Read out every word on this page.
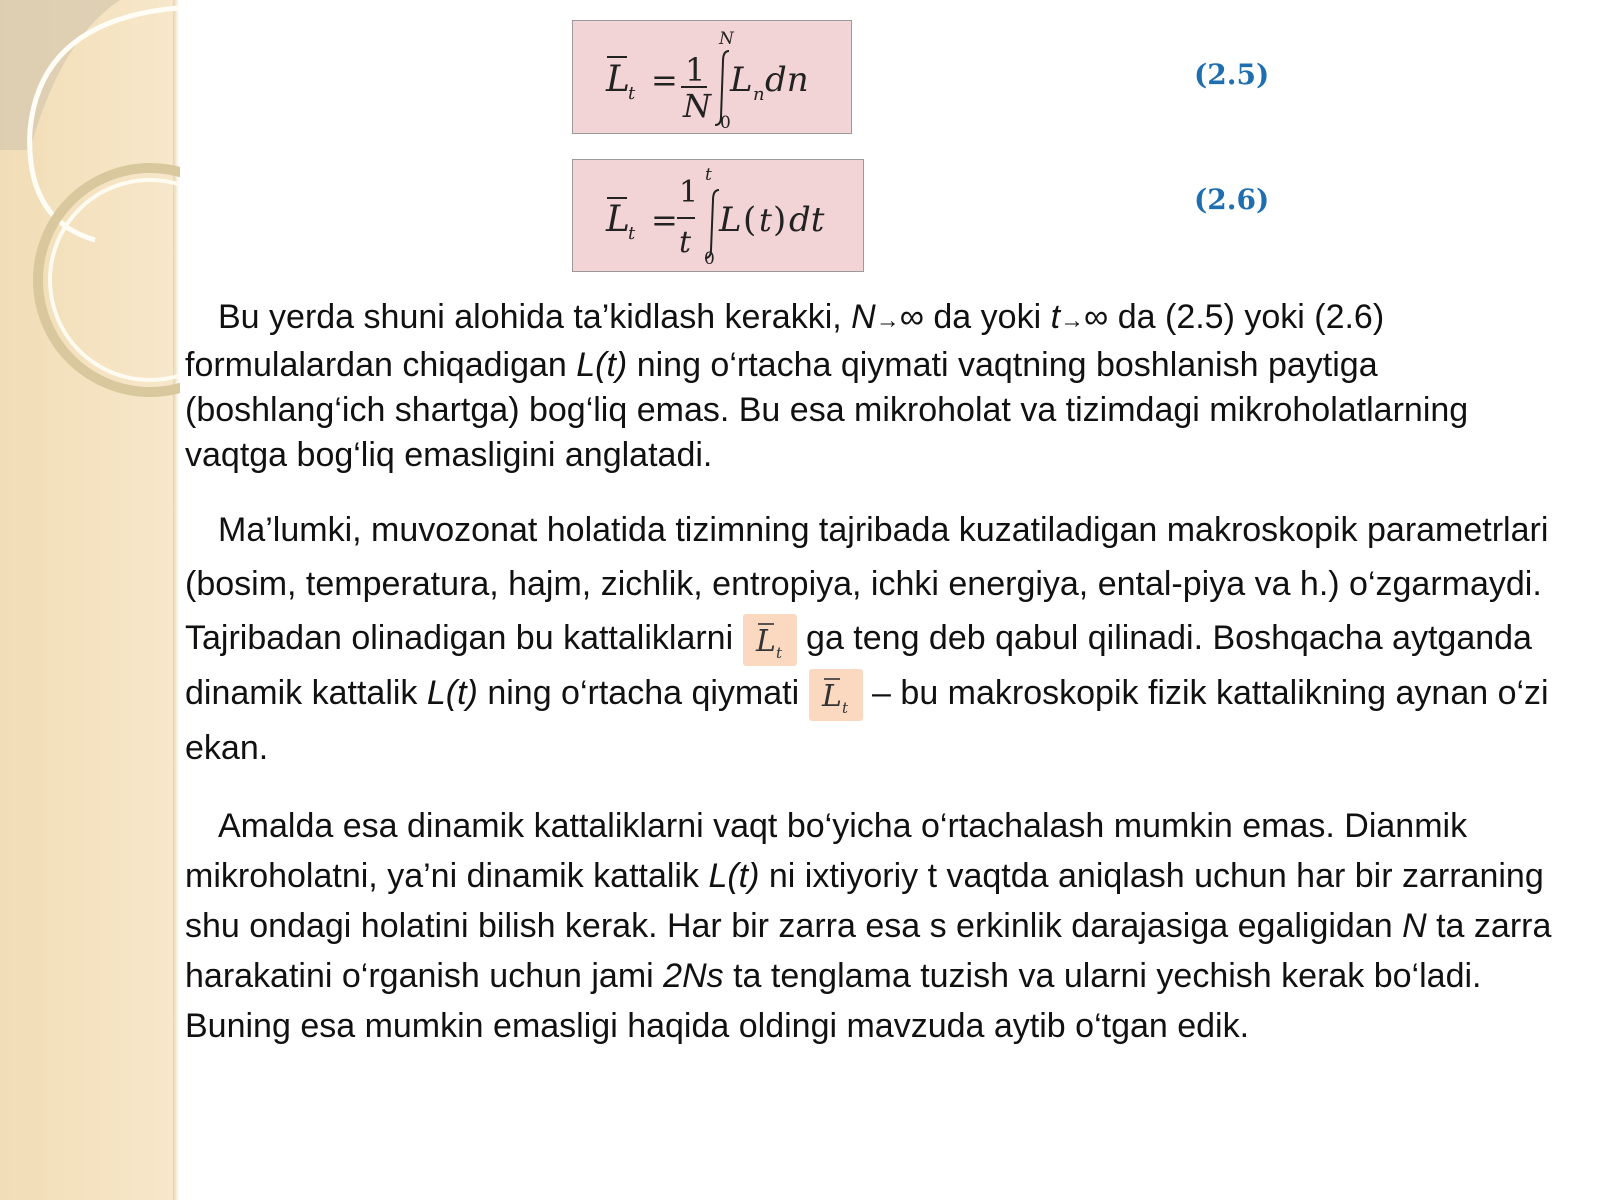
L
t = 1
N
N
0
L n dn	(2.5)
L
t =
1
t
t
0
L ( t ) dt
(2.6)

Bu yerda shuni alohida ta’kidlash kerakki, N→∞ da yoki t→∞ da (2.5) yoki (2.6) formulalardan chiqadigan L(t) ning o‘rtacha qiymati vaqtning boshlanish paytiga (boshlang‘ich shartga) bog‘liq emas. Bu esa mikroholat va tizimdagi mikroholatlarning vaqtga bog‘liq emasligini anglatadi.

Ma’lumki, muvozonat holatida tizimning tajribada kuzatiladigan makroskopik parametrlari (bosim, temperatura, hajm, zichlik, entropiya, ichki energiya, ental-piya va h.) o‘zgarmaydi. Tajribadan olinadigan bu kattaliklarni L t ga teng deb qabul qilinadi. Boshqacha aytganda dinamik kattalik L(t) ning o‘rtacha qiymati L t – bu makroskopik fizik kattalikning aynan o‘zi ekan.

Amalda esa dinamik kattaliklarni vaqt bo‘yicha o‘rtachalash mumkin emas. Dianmik mikroholatni, ya’ni dinamik kattalik L(t) ni ixtiyoriy t vaqtda aniqlash uchun har bir zarraning shu ondagi holatini bilish kerak. Har bir zarra esa s erkinlik darajasiga egaligidan N ta zarra harakatini o‘rganish uchun jami 2Ns ta tenglama tuzish va ularni yechish kerak bo‘ladi. Buning esa mumkin emasligi haqida oldingi mavzuda aytib o‘tgan edik.
